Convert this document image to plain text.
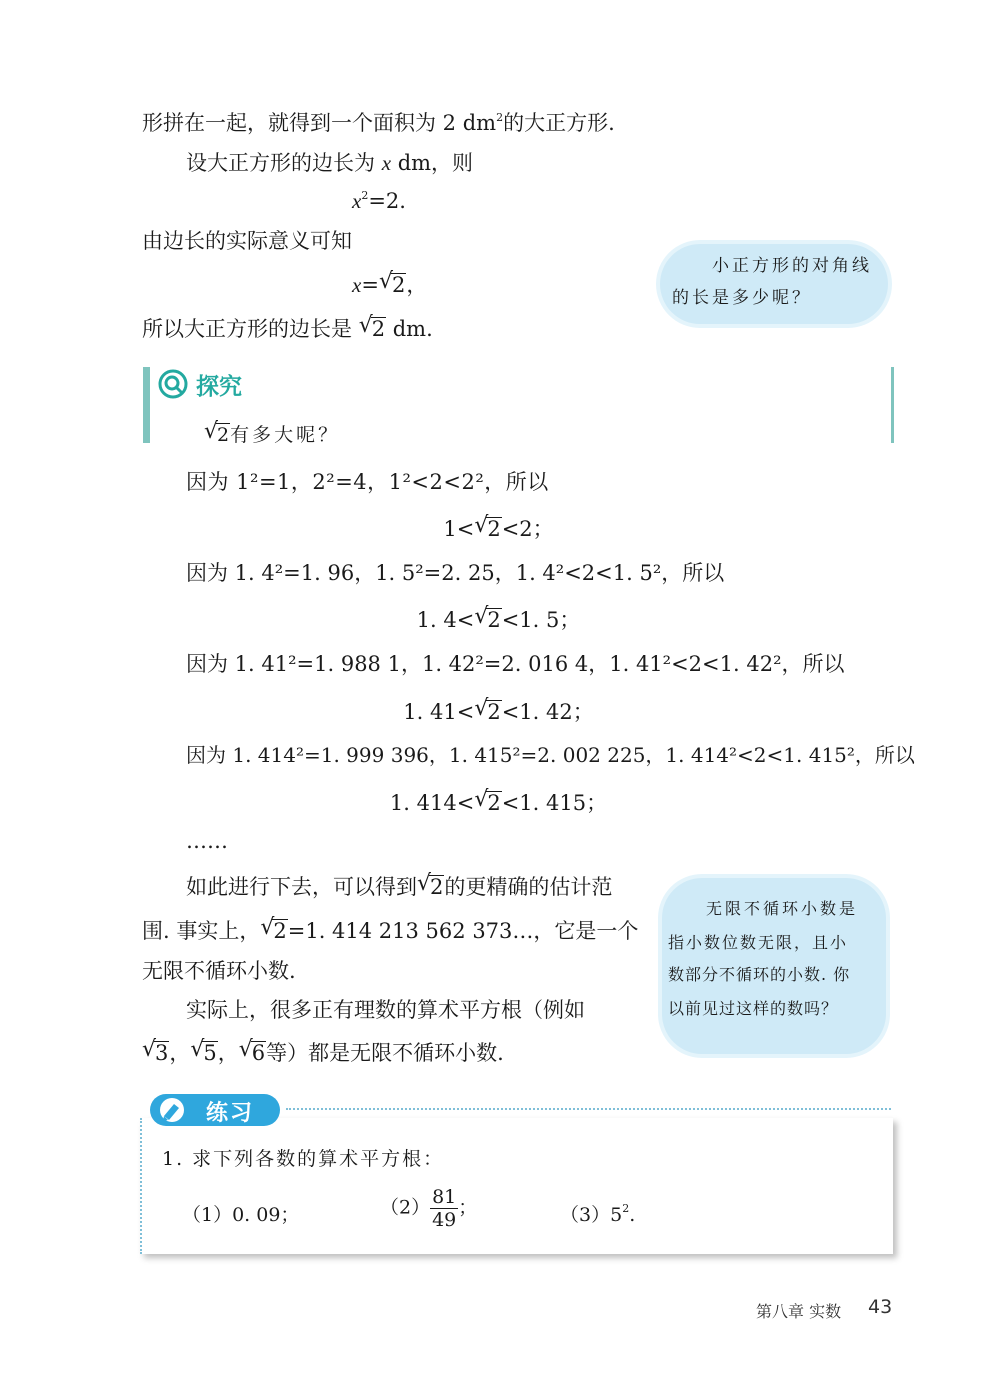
形拼在一起，就得到一个面积为 2 $dm^2$的大正方形.
设大正方形的边长为 x dm，则
$x^2=2$.
由边长的实际意义可知
x= √
2，
所以大正方形的边长是 √
2 dm.
小正方形的对角线
的长是多少呢？
探究
√
2有多大呢？
因为 1²=1，2²=4，1²<2<2²，所以
1< √
2<2；
因为 1. 4²=1. 96，1. 5²=2. 25，1. 4²<2<1. 5²，所以
1. 4< √
2<1. 5；
因为 1. 41²=1. 988 1，1. 42²=2. 016 4，1. 41²<2<1. 42²，所以
1. 41< √
2<1. 42；
因为 1. 414²=1. 999 396，1. 415²=2. 002 225，1. 414²<2<1. 415²，所以
1. 414< √
2<1. 415；
……
如此进行下去，可以得到 √
2的更精确的估计范
围. 事实上， √
2=1. 414 213 562 373…，它是一个
无限不循环小数.
实际上，很多正有理数的算术平方根（例如
√
3， √
5， √
6等）都是无限不循环小数.
无限不循环小数是
指小数位数无限，且小
数部分不循环的小数. 你
以前见过这样的数吗？
练习
1. 求下列各数的算术平方根：
（1）0. 09；	$(2) \frac{81}{49}$ ；	$(3)5^2$.
第八章 实数 43
